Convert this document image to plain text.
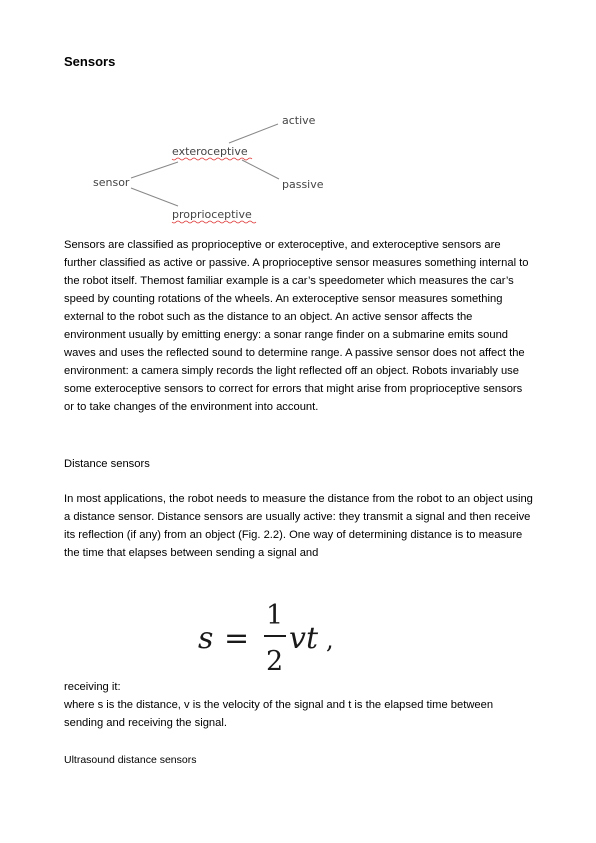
Sensors
sensor
exteroceptive
proprioceptive
active
passive

Sensors are classified as proprioceptive or exteroceptive, and exteroceptive sensors are further classified as active or passive. A proprioceptive sensor measures something internal to the robot itself. Themost familiar example is a car’s speedometer which measures the car’s speed by counting rotations of the wheels. An exteroceptive sensor measures something external to the robot such as the distance to an object. An active sensor affects the environment usually by emitting energy: a sonar range finder on a submarine emits sound waves and uses the reflected sound to determine range. A passive sensor does not affect the environment: a camera simply records the light reflected off an object. Robots invariably use some exteroceptive sensors to correct for errors that might arise from proprioceptive sensors or to take changes of the environment into account.

Distance sensors

In most applications, the robot needs to measure the distance from the robot to an object using a distance sensor. Distance sensors are usually active: they transmit a signal and then receive its reflection (if any) from an object (Fig. 2.2). One way of determining distance is to measure the time that elapses between sending a signal and

s =
1
2
vt ,

receiving it:
where s is the distance, v is the velocity of the signal and t is the elapsed time between sending and receiving the signal.

Ultrasound distance sensors
